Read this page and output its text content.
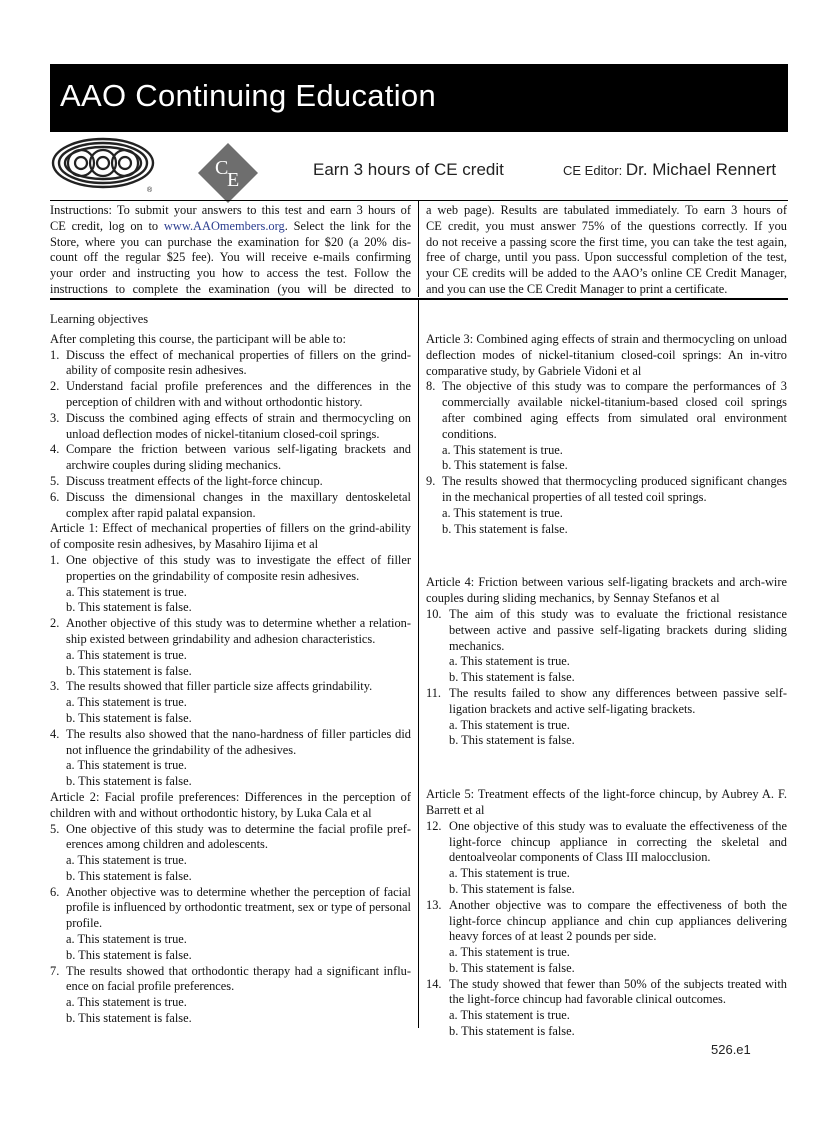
AAO Continuing Education
®
C
E	Earn 3 hours of CE credit	CE Editor: Dr. Michael Rennert
Instructions: To submit your answers to this test and earn 3 hours of
CE credit, log on to www.AAOmembers.org. Select the link for the
Store, where you can purchase the examination for $20 (a 20% dis-
count off the regular $25 fee). You will receive e-mails confirming
your order and instructing you how to access the test. Follow the
instructions to complete the examination (you will be directed to
a web page). Results are tabulated immediately. To earn 3 hours of
CE credit, you must answer 75% of the questions correctly. If you
do not receive a passing score the first time, you can take the test again,
free of charge, until you pass. Upon successful completion of the test,
your CE credits will be added to the AAO’s online CE Credit Manager,
and you can use the CE Credit Manager to print a certificate.
Learning objectives
After completing this course, the participant will be able to:
1. Discuss the effect of mechanical properties of fillers on the grind-ability of composite resin adhesives.
2. Understand facial profile preferences and the differences in the perception of children with and without orthodontic history.
3. Discuss the combined aging effects of strain and thermocycling on unload deflection modes of nickel-titanium closed-coil springs.
4. Compare the friction between various self-ligating brackets and archwire couples during sliding mechanics.
5. Discuss treatment effects of the light-force chincup.
6. Discuss the dimensional changes in the maxillary dentoskeletal complex after rapid palatal expansion.
Article 1: Effect of mechanical properties of fillers on the grind-ability of composite resin adhesives, by Masahiro Iijima et al
1. One objective of this study was to investigate the effect of filler properties on the grindability of composite resin adhesives.
a. This statement is true.
b. This statement is false.
2. Another objective of this study was to determine whether a relation-ship existed between grindability and adhesion characteristics.
a. This statement is true.
b. This statement is false.
3. The results showed that filler particle size affects grindability.
a. This statement is true.
b. This statement is false.
4. The results also showed that the nano-hardness of filler particles did not influence the grindability of the adhesives.
a. This statement is true.
b. This statement is false.
Article 2: Facial profile preferences: Differences in the perception of children with and without orthodontic history, by Luka Cala et al
5. One objective of this study was to determine the facial profile pref-erences among children and adolescents.
a. This statement is true.
b. This statement is false.
6. Another objective was to determine whether the perception of facial profile is influenced by orthodontic treatment, sex or type of personal profile.
a. This statement is true.
b. This statement is false.
7. The results showed that orthodontic therapy had a significant influ-ence on facial profile preferences.
a. This statement is true.
b. This statement is false.
Article 3: Combined aging effects of strain and thermocycling on unload deflection modes of nickel-titanium closed-coil springs: An in-vitro comparative study, by Gabriele Vidoni et al
8. The objective of this study was to compare the performances of 3 commercially available nickel-titanium-based closed coil springs after combined aging effects from simulated oral environment conditions.
a. This statement is true.
b. This statement is false.
9. The results showed that thermocycling produced significant changes in the mechanical properties of all tested coil springs.
a. This statement is true.
b. This statement is false.
Article 4: Friction between various self-ligating brackets and arch-wire couples during sliding mechanics, by Sennay Stefanos et al
10. The aim of this study was to evaluate the frictional resistance between active and passive self-ligating brackets during sliding mechanics.
a. This statement is true.
b. This statement is false.
11. The results failed to show any differences between passive self-ligation brackets and active self-ligating brackets.
a. This statement is true.
b. This statement is false.
Article 5: Treatment effects of the light-force chincup, by Aubrey A. F. Barrett et al
12. One objective of this study was to evaluate the effectiveness of the light-force chincup appliance in correcting the skeletal and dentoalveolar components of Class III malocclusion.
a. This statement is true.
b. This statement is false.
13. Another objective was to compare the effectiveness of both the light-force chincup appliance and chin cup appliances delivering heavy forces of at least 2 pounds per side.
a. This statement is true.
b. This statement is false.
14. The study showed that fewer than 50% of the subjects treated with the light-force chincup had favorable clinical outcomes.
a. This statement is true.
b. This statement is false.
526.e1
